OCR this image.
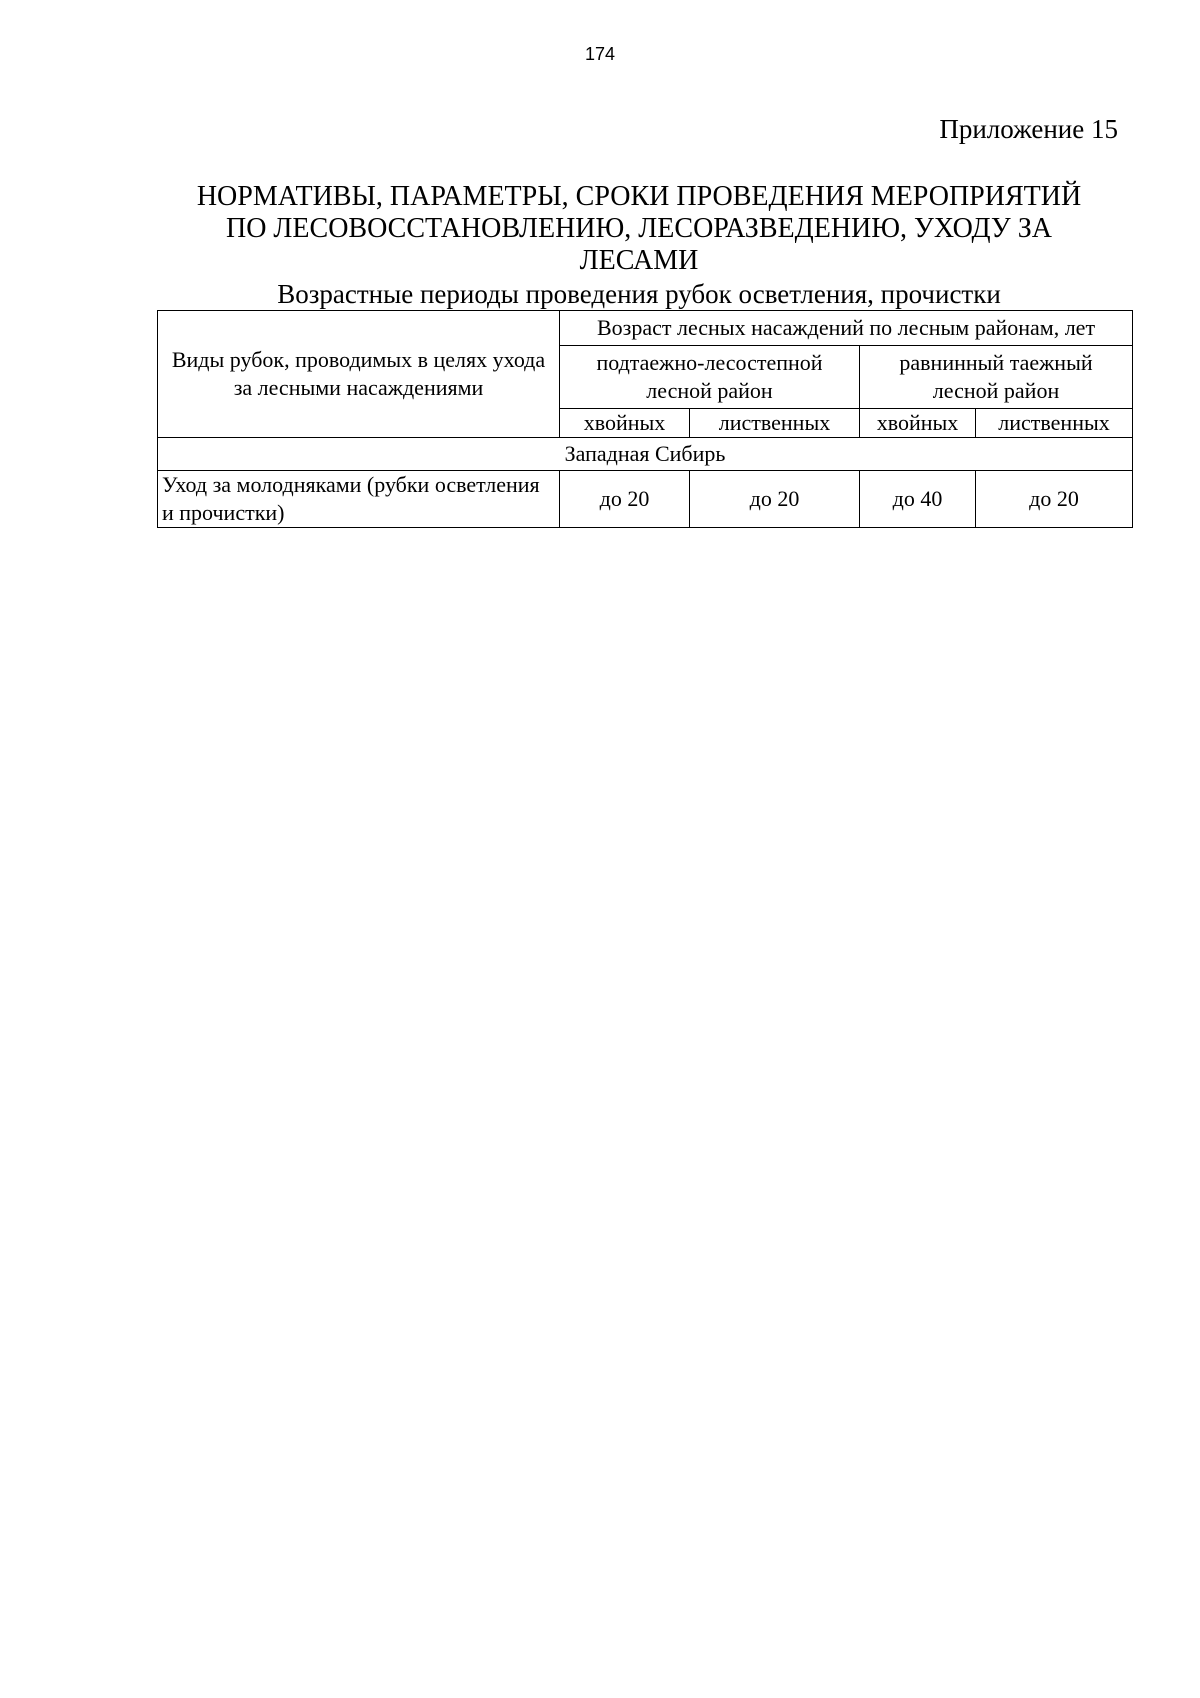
174
Приложение 15
НОРМАТИВЫ, ПАРАМЕТРЫ, СРОКИ ПРОВЕДЕНИЯ МЕРОПРИЯТИЙ
ПО ЛЕСОВОССТАНОВЛЕНИЮ, ЛЕСОРАЗВЕДЕНИЮ, УХОДУ ЗА
ЛЕСАМИ
Возрастные периоды проведения рубок осветления, прочистки
Виды рубок, проводимых в целях ухода за лесными насаждениями	Возраст лесных насаждений по лесным районам, лет			
	подтаежно-лесостепной лесной район		равнинный таежный лесной район	
	хвойных	лиственных	хвойных	лиственных
Западная Сибирь				
Уход за молодняками (рубки осветления и прочистки)	до 20	до 20	до 40	до 20
